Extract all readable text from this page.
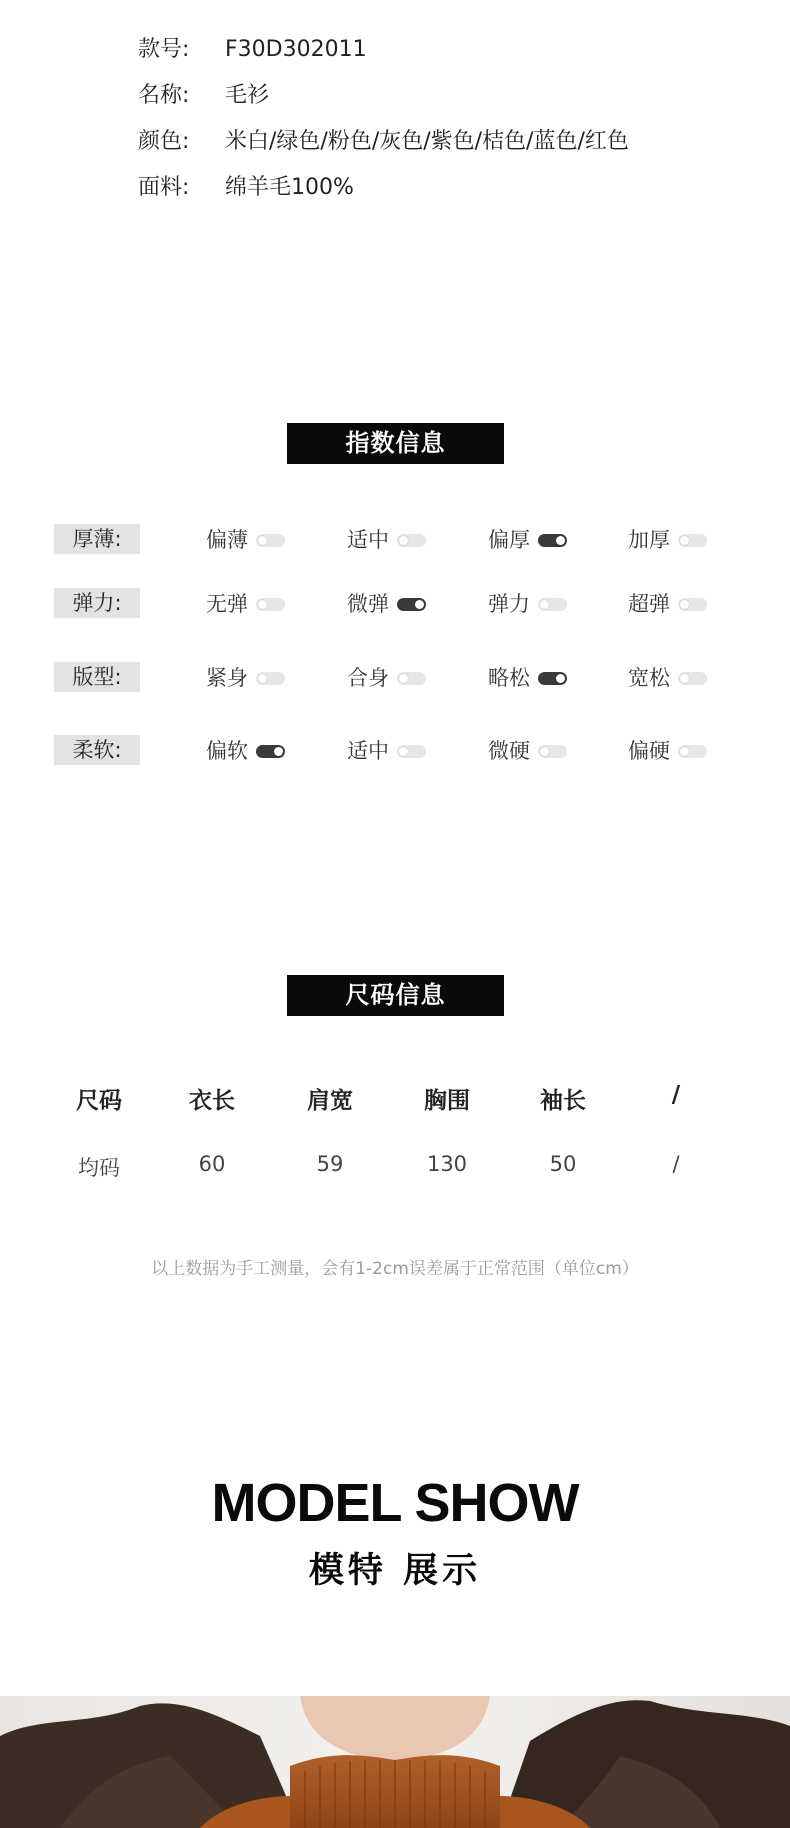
款号: F30D302011
名称: 毛衫
颜色: 米白/绿色/粉色/灰色/紫色/桔色/蓝色/红色
面料: 绵羊毛100%
指数信息
厚薄:	偏薄	适中	偏厚	加厚
弹力:	无弹	微弹	弹力	超弹
版型:	紧身	合身	略松	宽松
柔软:	偏软	适中	微硬	偏硬
尺码信息
尺码	衣长	肩宽	胸围	袖长	/
均码	60	59	130	50	/
以上数据为手工测量，会有1-2cm误差属于正常范围（单位cm）
MODEL SHOW
模特 展示
